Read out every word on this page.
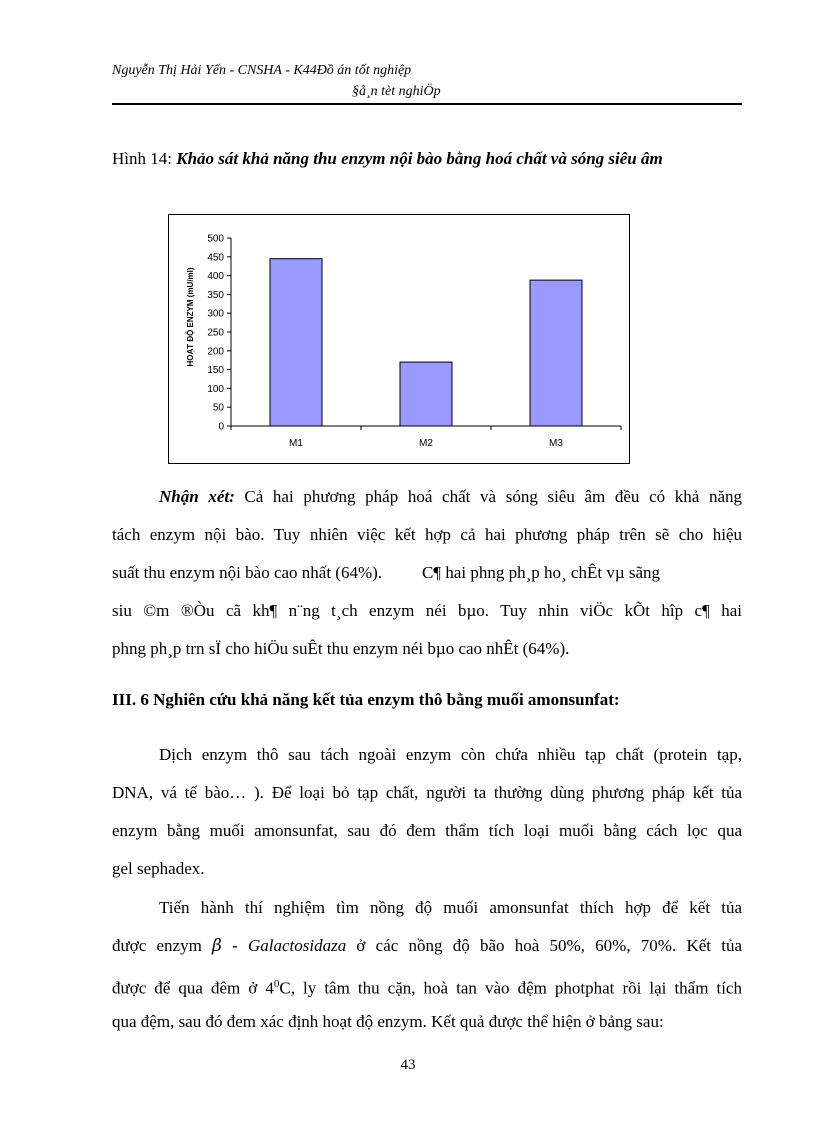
Nguyễn Thị Hải Yến - CNSHA - K44Đồ án tốt nghiệp
§å¸n tèt nghiÖp
Hình 14: Khảo sát khả năng thu enzym nội bào bằng hoá chất và sóng siêu âm
0
50
100
150
200
250
300
350
400
450
500
M1	M2	M3
HOẠT ĐỘ ENZYM (mU/ml)
Nhận xét: Cả hai phương pháp hoá chất và sóng siêu âm đều có khả năng
tách enzym nội bào. Tuy nhiên việc kết hợp cả hai phương pháp trên sẽ cho hiệu
suất thu enzym nội bào cao nhất (64%). C¶ hai phng ph¸p ho¸ chÊt vµ sãng
siu ©m ®Òu cã kh¶ n¨ng t¸ch enzym néi bµo. Tuy nhin viÖc kÕt hîp c¶ hai
phng ph¸p trn sÏ cho hiÖu suÊt thu enzym néi bµo cao nhÊt (64%).
III. 6 Nghiên cứu khả năng kết tủa enzym thô bằng muối amonsunfat:
Dịch enzym thô sau tách ngoài enzym còn chứa nhiều tạp chất (protein tạp,
DNA, vá tế bào… ). Để loại bỏ tạp chất, người ta thường dùng phương pháp kết tủa
enzym bằng muối amonsunfat, sau đó đem thẩm tích loại muối bằng cách lọc qua
gel sephadex.
Tiến hành thí nghiệm tìm nồng độ muối amonsunfat thích hợp để kết tủa
được enzym β - Galactosidaza ở các nồng độ bão hoà 50%, 60%, 70%. Kết tủa
được để qua đêm ở $4^0C$, ly tâm thu cặn, hoà tan vào đệm photphat rồi lại thẩm tích
qua đệm, sau đó đem xác định hoạt độ enzym. Kết quả được thể hiện ở bảng sau:
43
